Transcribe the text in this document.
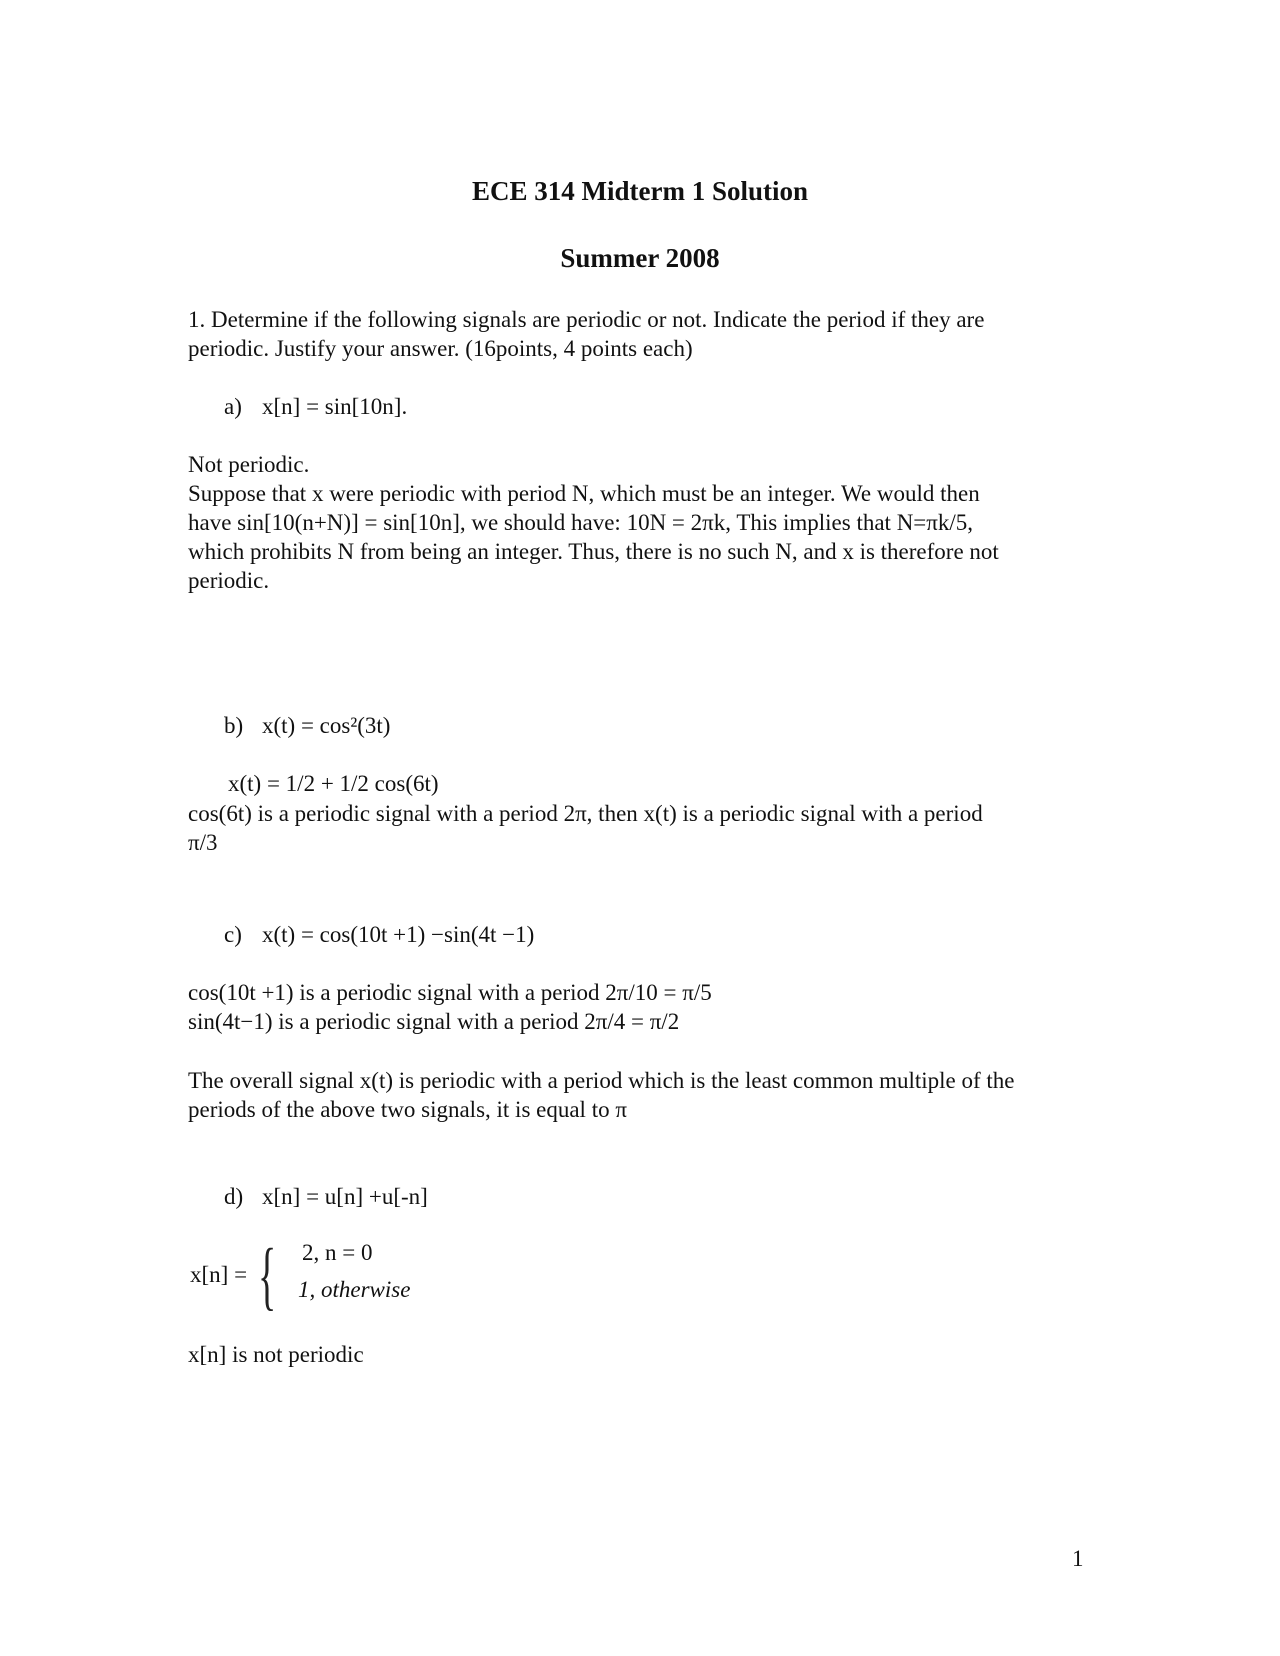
ECE 314 Midterm 1 Solution
Summer 2008
1. Determine if the following signals are periodic or not. Indicate the period if they are
periodic. Justify your answer. (16points, 4 points each)
a) x[n] = sin[10n].
Not periodic.
Suppose that x were periodic with period N, which must be an integer. We would then
have sin[10(n+N)] = sin[10n], we should have: 10N = 2πk, This implies that N=πk/5,
which prohibits N from being an integer. Thus, there is no such N, and x is therefore not
periodic.
b) x(t) = cos²(3t)
x(t) = 1/2 + 1/2 cos(6t)
cos(6t) is a periodic signal with a period 2π, then x(t) is a periodic signal with a period
π/3
c) x(t) = cos(10t +1) −sin(4t −1)
cos(10t +1) is a periodic signal with a period 2π/10 = π/5
sin(4t−1) is a periodic signal with a period 2π/4 = π/2
The overall signal x(t) is periodic with a period which is the least common multiple of the
periods of the above two signals, it is equal to π
d) x[n] = u[n] +u[-n]
x[n] = { 2, n = 0
1, otherwise
x[n] is not periodic
1
